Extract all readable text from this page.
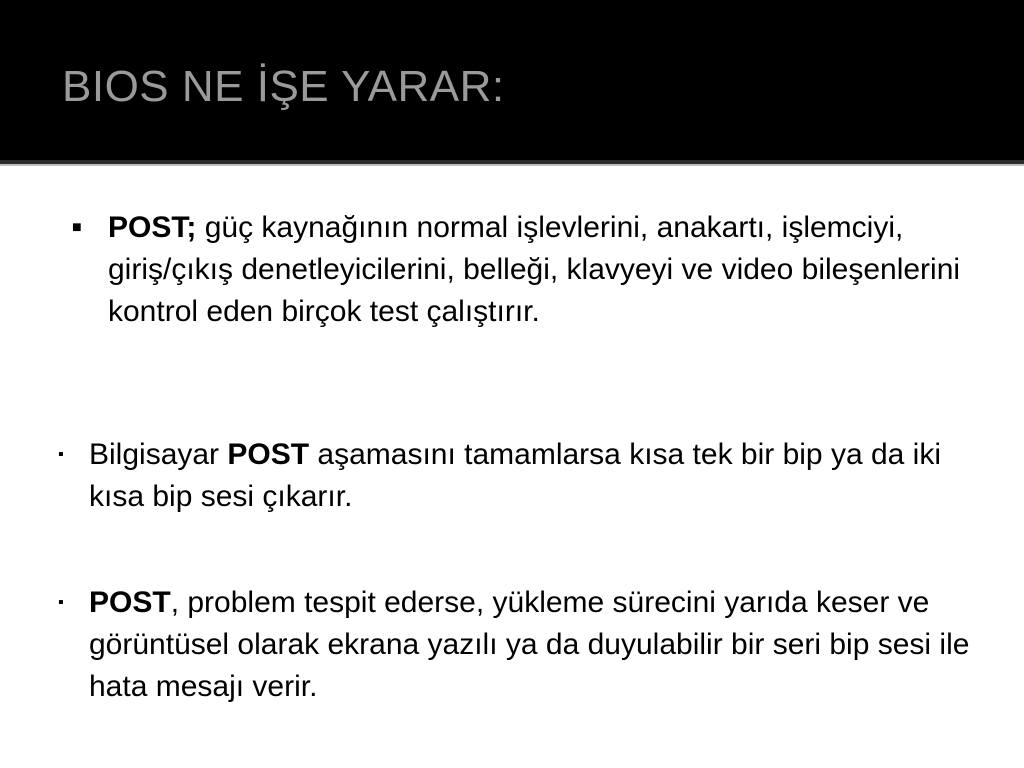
BIOS NE İŞE YARAR:

■ POST; güç kaynağının normal işlevlerini, anakartı, işlemciyi, giriş/çıkış denetleyicilerini, belleği, klavyeyi ve video bileşenlerini kontrol eden birçok test çalıştırır.

▪ Bilgisayar POST aşamasını tamamlarsa kısa tek bir bip ya da iki kısa bip sesi çıkarır.

▪ POST, problem tespit ederse, yükleme sürecini yarıda keser ve görüntüsel olarak ekrana yazılı ya da duyulabilir bir seri bip sesi ile hata mesajı verir.
